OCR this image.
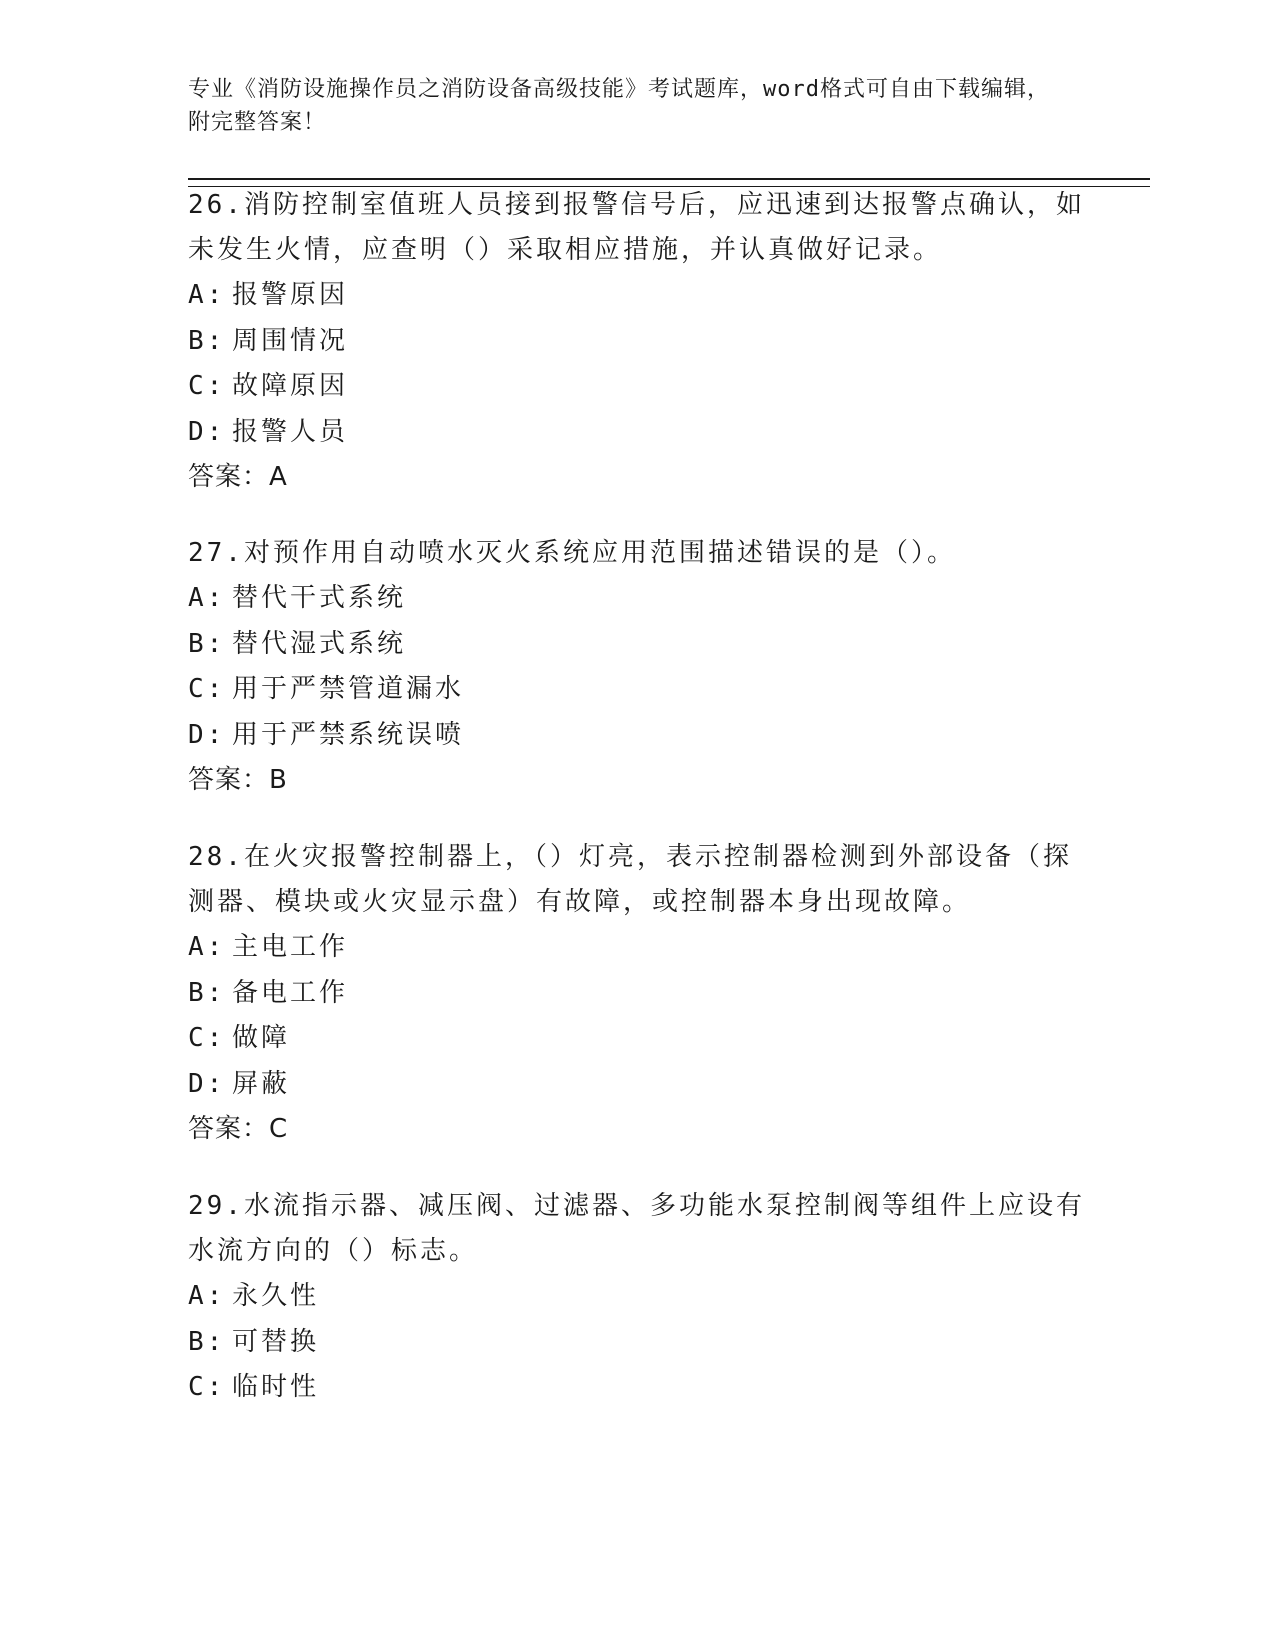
专业《消防设施操作员之消防设备高级技能》考试题库，word格式可自由下载编辑，附完整答案！

26.消防控制室值班人员接到报警信号后，应迅速到达报警点确认，如未发生火情，应查明（）采取相应措施，并认真做好记录。

A: 报警原因

B: 周围情况

C: 故障原因

D: 报警人员

答案：A

27.对预作用自动喷水灭火系统应用范围描述错误的是（）。

A: 替代干式系统

B: 替代湿式系统

C: 用于严禁管道漏水

D: 用于严禁系统误喷

答案：B

28.在火灾报警控制器上，（）灯亮，表示控制器检测到外部设备（探测器、模块或火灾显示盘）有故障，或控制器本身出现故障。

A: 主电工作

B: 备电工作

C: 做障

D: 屏蔽

答案：C

29.水流指示器、减压阀、过滤器、多功能水泵控制阀等组件上应设有水流方向的（）标志。

A: 永久性

B: 可替换

C: 临时性
